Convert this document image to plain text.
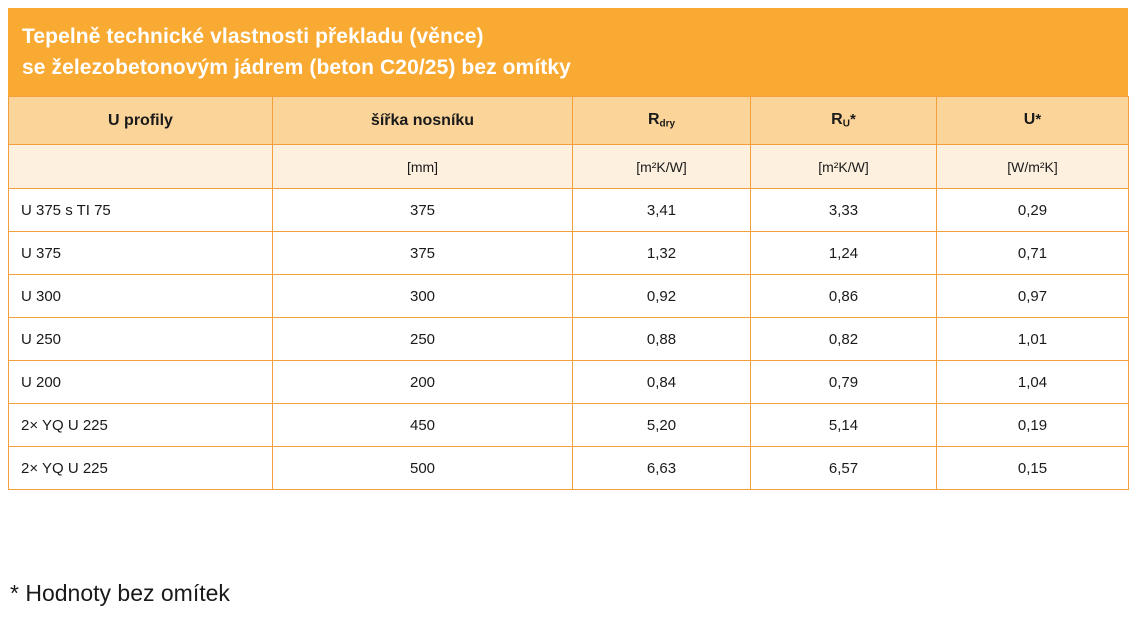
Tepelně technické vlastnosti překladu (věnce)
se železobetonovým jádrem (beton C20/25) bez omítky
U profily	šířka nosníku	$R_{dry}$	$R_U*$	U*
	[mm]	[m²K/W]	[m²K/W]	[W/m²K]
U 375 s TI 75	375	3,41	3,33	0,29
U 375	375	1,32	1,24	0,71
U 300	300	0,92	0,86	0,97
U 250	250	0,88	0,82	1,01
U 200	200	0,84	0,79	1,04
2× YQ U 225	450	5,20	5,14	0,19
2× YQ U 225	500	6,63	6,57	0,15
* Hodnoty bez omítek
